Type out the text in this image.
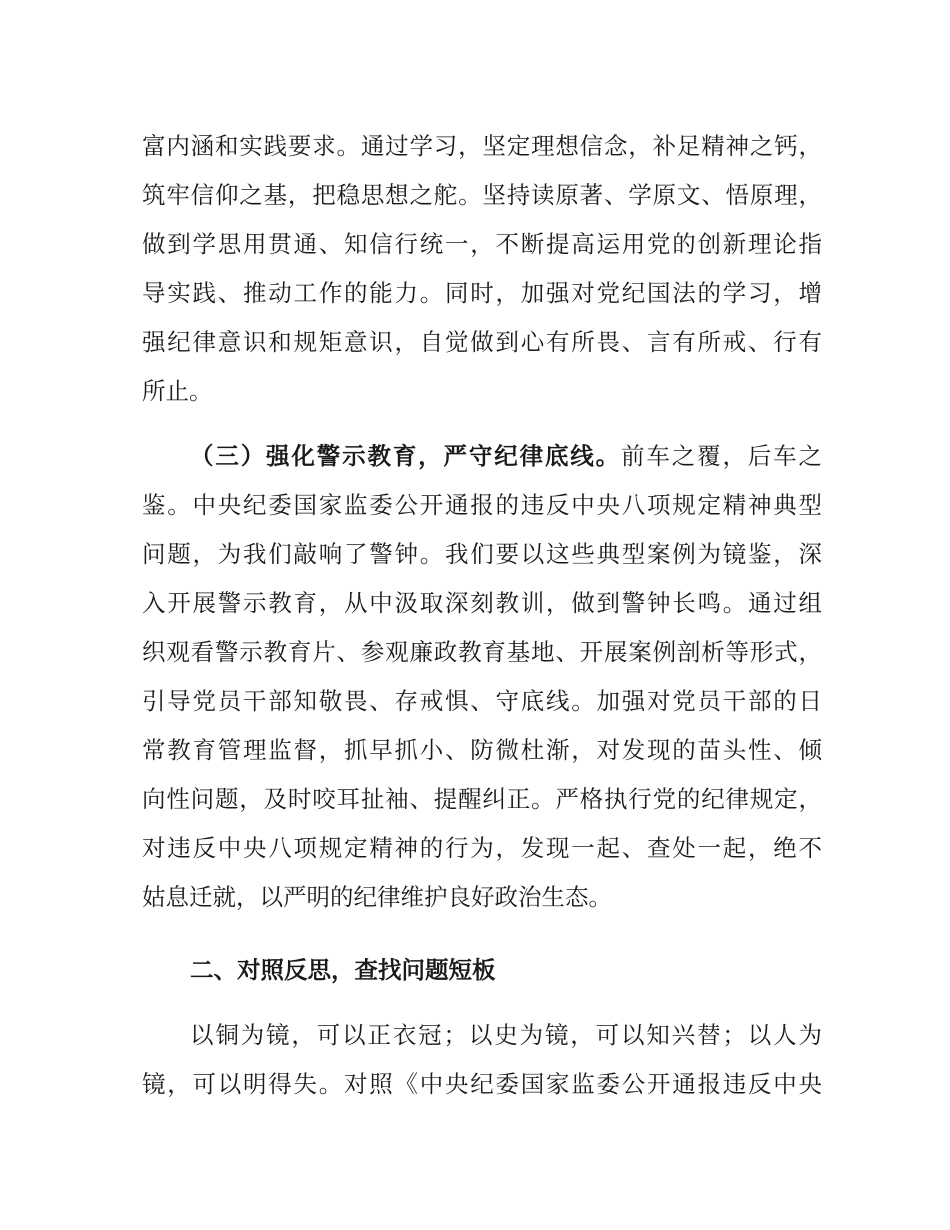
富内涵和实践要求。通过学习，坚定理想信念，补足精神之钙，
筑牢信仰之基，把稳思想之舵。坚持读原著、学原文、悟原理，
做到学思用贯通、知信行统一，不断提高运用党的创新理论指
导实践、推动工作的能力。同时，加强对党纪国法的学习，增
强纪律意识和规矩意识，自觉做到心有所畏、言有所戒、行有
所止。
（三）强化警示教育，严守纪律底线。前车之覆，后车之
鉴。中央纪委国家监委公开通报的违反中央八项规定精神典型
问题，为我们敲响了警钟。我们要以这些典型案例为镜鉴，深
入开展警示教育，从中汲取深刻教训，做到警钟长鸣。通过组
织观看警示教育片、参观廉政教育基地、开展案例剖析等形式，
引导党员干部知敬畏、存戒惧、守底线。加强对党员干部的日
常教育管理监督，抓早抓小、防微杜渐，对发现的苗头性、倾
向性问题，及时咬耳扯袖、提醒纠正。严格执行党的纪律规定，
对违反中央八项规定精神的行为，发现一起、查处一起，绝不
姑息迁就，以严明的纪律维护良好政治生态。
二、对照反思，查找问题短板
以铜为镜，可以正衣冠；以史为镜，可以知兴替；以人为
镜，可以明得失。对照《中央纪委国家监委公开通报违反中央
